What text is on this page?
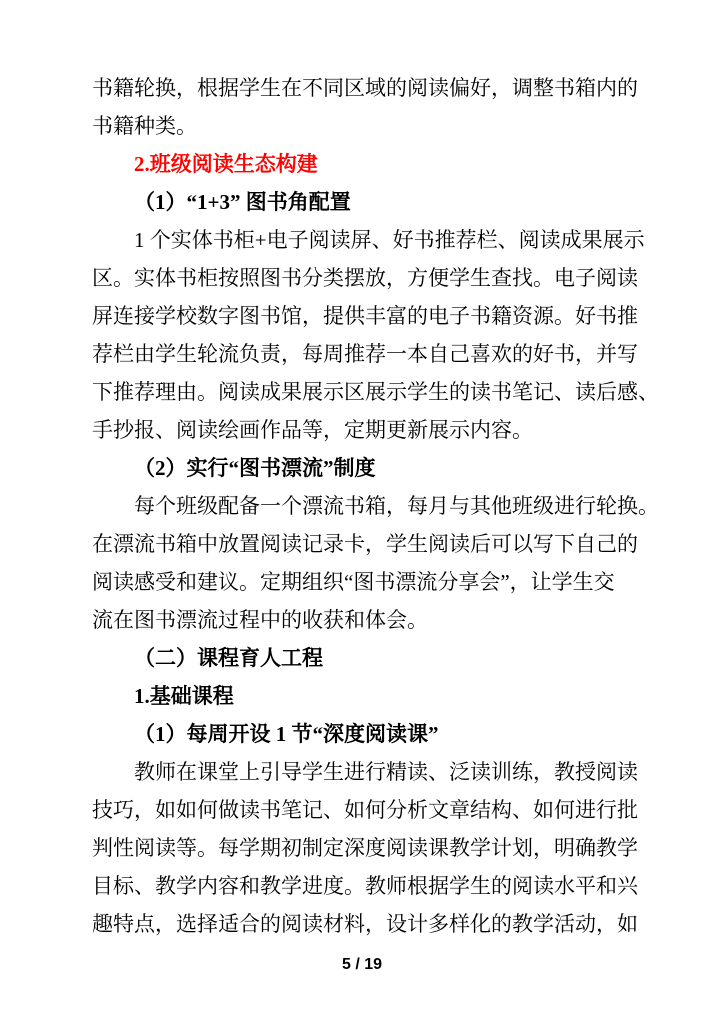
书籍轮换，根据学生在不同区域的阅读偏好，调整书箱内的
书籍种类。
2.班级阅读生态构建
（1）“1+3” 图书角配置
1 个实体书柜+电子阅读屏、好书推荐栏、阅读成果展示
区。实体书柜按照图书分类摆放，方便学生查找。电子阅读
屏连接学校数字图书馆，提供丰富的电子书籍资源。好书推
荐栏由学生轮流负责，每周推荐一本自己喜欢的好书，并写
下推荐理由。阅读成果展示区展示学生的读书笔记、读后感、
手抄报、阅读绘画作品等，定期更新展示内容。
（2）实行“图书漂流”制度
每个班级配备一个漂流书箱，每月与其他班级进行轮换。
在漂流书箱中放置阅读记录卡，学生阅读后可以写下自己的
阅读感受和建议。定期组织“图书漂流分享会”，让学生交
流在图书漂流过程中的收获和体会。
（二）课程育人工程
1.基础课程
（1）每周开设 1 节“深度阅读课”
教师在课堂上引导学生进行精读、泛读训练，教授阅读
技巧，如如何做读书笔记、如何分析文章结构、如何进行批
判性阅读等。每学期初制定深度阅读课教学计划，明确教学
目标、教学内容和教学进度。教师根据学生的阅读水平和兴
趣特点，选择适合的阅读材料，设计多样化的教学活动，如
5 / 19
